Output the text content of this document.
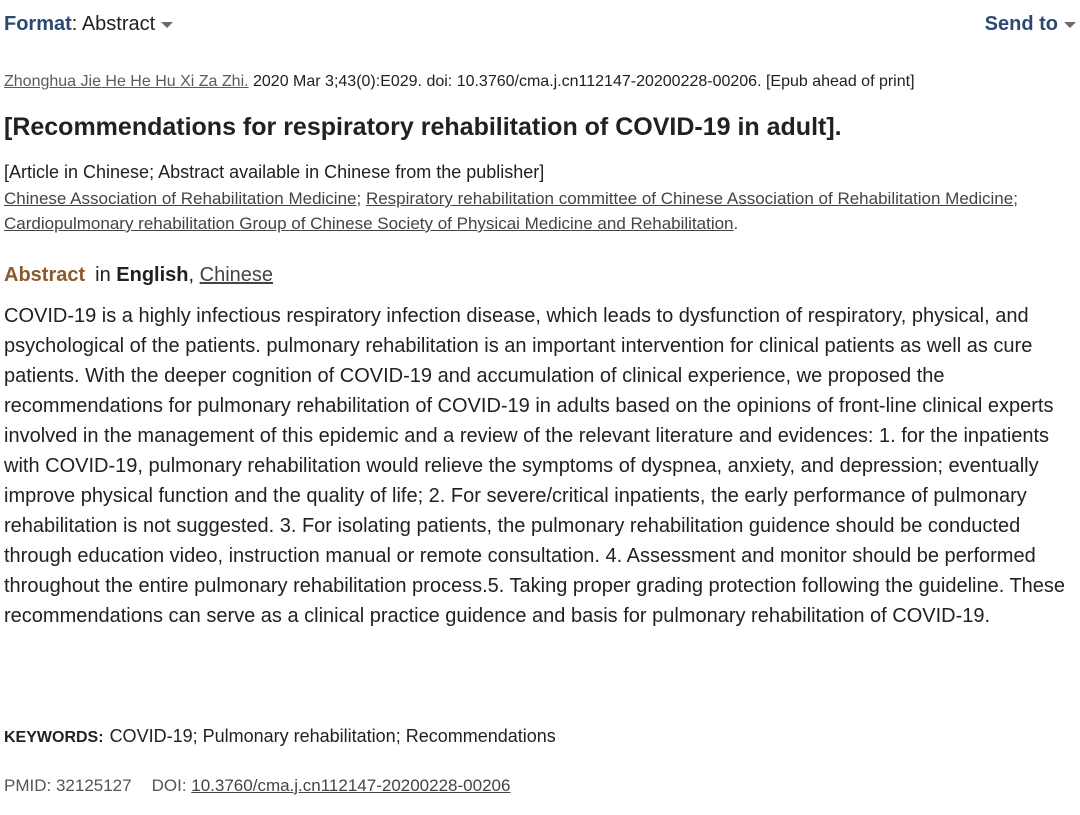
Format: Abstract	Send to
Zhonghua Jie He He Hu Xi Za Zhi. 2020 Mar 3;43(0):E029. doi: 10.3760/cma.j.cn112147-20200228-00206. [Epub ahead of print]
[Recommendations for respiratory rehabilitation of COVID-19 in adult].
[Article in Chinese; Abstract available in Chinese from the publisher]
Chinese Association of Rehabilitation Medicine; Respiratory rehabilitation committee of Chinese Association of Rehabilitation Medicine; Cardiopulmonary rehabilitation Group of Chinese Society of Physicai Medicine and Rehabilitation.
Abstract in English, Chinese

COVID-19 is a highly infectious respiratory infection disease, which leads to dysfunction of respiratory, physical, and psychological of the patients. pulmonary rehabilitation is an important intervention for clinical patients as well as cure patients. With the deeper cognition of COVID-19 and accumulation of clinical experience, we proposed the recommendations for pulmonary rehabilitation of COVID-19 in adults based on the opinions of front-line clinical experts involved in the management of this epidemic and a review of the relevant literature and evidences: 1. for the inpatients with COVID-19, pulmonary rehabilitation would relieve the symptoms of dyspnea, anxiety, and depression; eventually improve physical function and the quality of life; 2. For severe/critical inpatients, the early performance of pulmonary rehabilitation is not suggested. 3. For isolating patients, the pulmonary rehabilitation guidence should be conducted through education video, instruction manual or remote consultation. 4. Assessment and monitor should be performed throughout the entire pulmonary rehabilitation process.5. Taking proper grading protection following the guideline. These recommendations can serve as a clinical practice guidence and basis for pulmonary rehabilitation of COVID-19.

KEYWORDS: COVID-19; Pulmonary rehabilitation; Recommendations
PMID: 32125127 DOI: 10.3760/cma.j.cn112147-20200228-00206
